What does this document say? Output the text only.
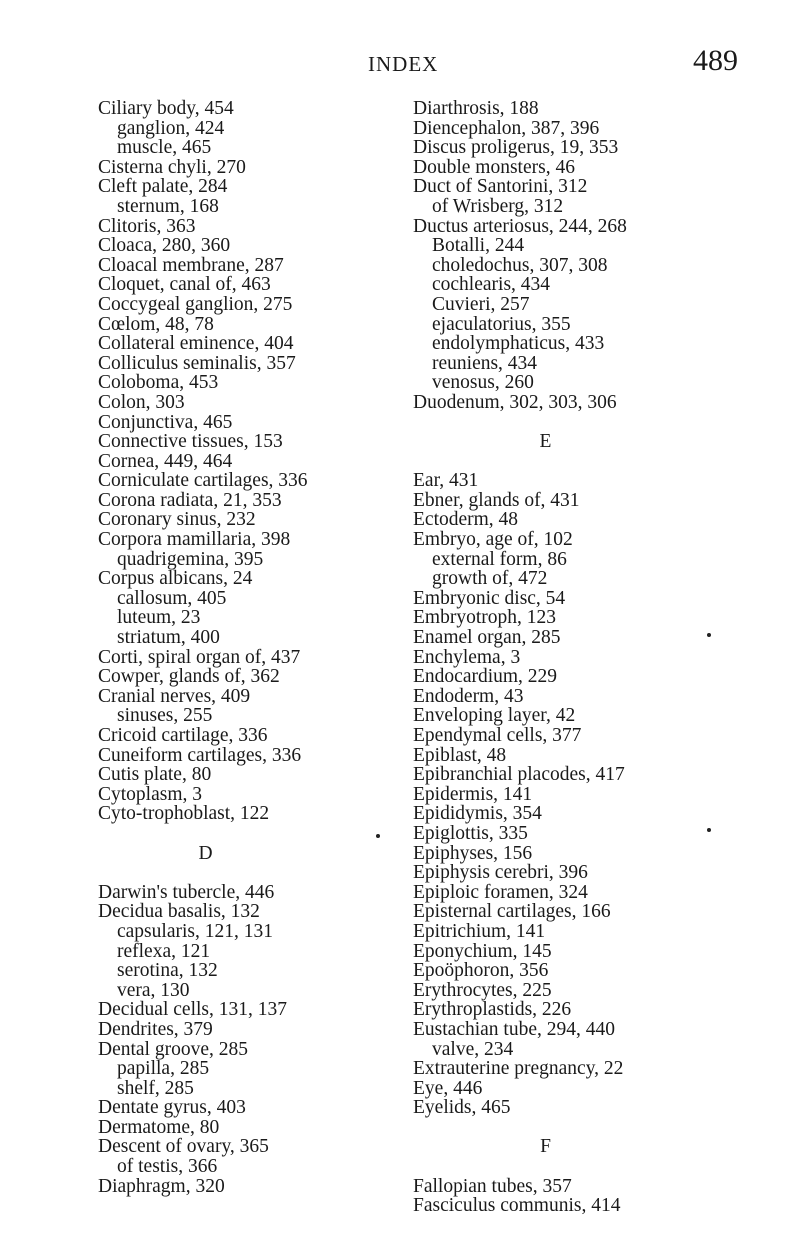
INDEX	489
Ciliary body, 454
ganglion, 424
muscle, 465
Cisterna chyli, 270
Cleft palate, 284
sternum, 168
Clitoris, 363
Cloaca, 280, 360
Cloacal membrane, 287
Cloquet, canal of, 463
Coccygeal ganglion, 275
Cœlom, 48, 78
Collateral eminence, 404
Colliculus seminalis, 357
Coloboma, 453
Colon, 303
Conjunctiva, 465
Connective tissues, 153
Cornea, 449, 464
Corniculate cartilages, 336
Corona radiata, 21, 353
Coronary sinus, 232
Corpora mamillaria, 398
quadrigemina, 395
Corpus albicans, 24
callosum, 405
luteum, 23
striatum, 400
Corti, spiral organ of, 437
Cowper, glands of, 362
Cranial nerves, 409
sinuses, 255
Cricoid cartilage, 336
Cuneiform cartilages, 336
Cutis plate, 80
Cytoplasm, 3
Cyto-trophoblast, 122
D
Darwin's tubercle, 446
Decidua basalis, 132
capsularis, 121, 131
reflexa, 121
serotina, 132
vera, 130
Decidual cells, 131, 137
Dendrites, 379
Dental groove, 285
papilla, 285
shelf, 285
Dentate gyrus, 403
Dermatome, 80
Descent of ovary, 365
of testis, 366
Diaphragm, 320
Diarthrosis, 188
Diencephalon, 387, 396
Discus proligerus, 19, 353
Double monsters, 46
Duct of Santorini, 312
of Wrisberg, 312
Ductus arteriosus, 244, 268
Botalli, 244
choledochus, 307, 308
cochlearis, 434
Cuvieri, 257
ejaculatorius, 355
endolymphaticus, 433
reuniens, 434
venosus, 260
Duodenum, 302, 303, 306
E
Ear, 431
Ebner, glands of, 431
Ectoderm, 48
Embryo, age of, 102
external form, 86
growth of, 472
Embryonic disc, 54
Embryotroph, 123
Enamel organ, 285
Enchylema, 3
Endocardium, 229
Endoderm, 43
Enveloping layer, 42
Ependymal cells, 377
Epiblast, 48
Epibranchial placodes, 417
Epidermis, 141
Epididymis, 354
Epiglottis, 335
Epiphyses, 156
Epiphysis cerebri, 396
Epiploic foramen, 324
Episternal cartilages, 166
Epitrichium, 141
Eponychium, 145
Epoöphoron, 356
Erythrocytes, 225
Erythroplastids, 226
Eustachian tube, 294, 440
valve, 234
Extrauterine pregnancy, 22
Eye, 446
Eyelids, 465
F
Fallopian tubes, 357
Fasciculus communis, 414
